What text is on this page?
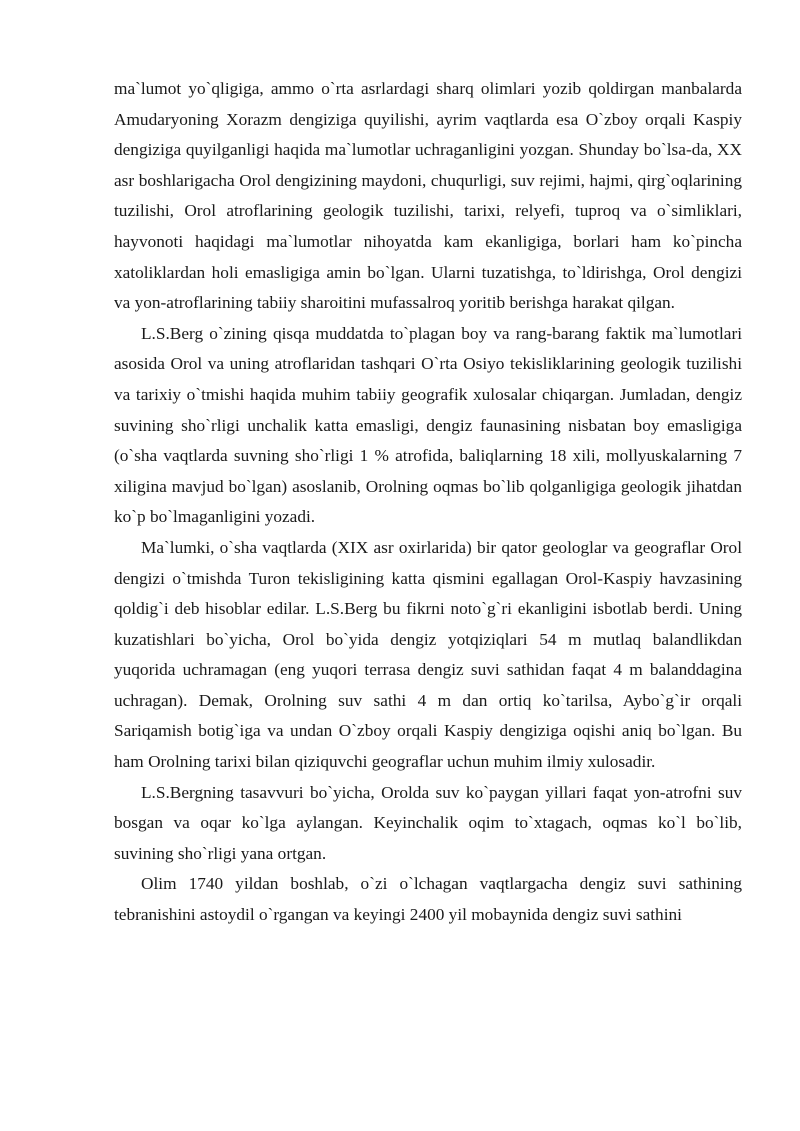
ma`lumot yo`qligiga, ammo o`rta asrlardagi sharq olimlari yozib qoldirgan manbalarda Amudaryoning Xorazm dengiziga quyilishi, ayrim vaqtlarda esa O`zboy orqali Kaspiy dengiziga quyilganligi haqida ma`lumotlar uchraganligini yozgan. Shunday bo`lsa-da, XX asr boshlarigacha Orol dengizining maydoni, chuqurligi, suv rejimi, hajmi, qirg`oqlarining tuzilishi, Orol atroflarining geologik tuzilishi, tarixi, relyefi, tuproq va o`simliklari, hayvonoti haqidagi ma`lumotlar nihoyatda kam ekanligiga, borlari ham ko`pincha xatoliklardan holi emasligiga amin bo`lgan. Ularni tuzatishga, to`ldirishga, Orol dengizi va yon-atroflarining tabiiy sharoitini mufassalroq yoritib berishga harakat qilgan.

L.S.Berg o`zining qisqa muddatda to`plagan boy va rang-barang faktik ma`lumotlari asosida Orol va uning atroflaridan tashqari O`rta Osiyo tekisliklarining geologik tuzilishi va tarixiy o`tmishi haqida muhim tabiiy geografik xulosalar chiqargan. Jumladan, dengiz suvining sho`rligi unchalik katta emasligi, dengiz faunasining nisbatan boy emasligiga (o`sha vaqtlarda suvning sho`rligi 1 % atrofida, baliqlarning 18 xili, mollyuskalarning 7 xiligina mavjud bo`lgan) asoslanib, Orolning oqmas bo`lib qolganligiga geologik jihatdan ko`p bo`lmaganligini yozadi.

Ma`lumki, o`sha vaqtlarda (XIX asr oxirlarida) bir qator geologlar va geograflar Orol dengizi o`tmishda Turon tekisligining katta qismini egallagan Orol-Kaspiy havzasining qoldig`i deb hisoblar edilar. L.S.Berg bu fikrni noto`g`ri ekanligini isbotlab berdi. Uning kuzatishlari bo`yicha, Orol bo`yida dengiz yotqiziqlari 54 m mutlaq balandlikdan yuqorida uchramagan (eng yuqori terrasa dengiz suvi sathidan faqat 4 m balanddagina uchragan). Demak, Orolning suv sathi 4 m dan ortiq ko`tarilsa, Aybo`g`ir orqali Sariqamish botig`iga va undan O`zboy orqali Kaspiy dengiziga oqishi aniq bo`lgan. Bu ham Orolning tarixi bilan qiziquvchi geograflar uchun muhim ilmiy xulosadir.

L.S.Bergning tasavvuri bo`yicha, Orolda suv ko`paygan yillari faqat yon-atrofni suv bosgan va oqar ko`lga aylangan. Keyinchalik oqim to`xtagach, oqmas ko`l bo`lib, suvining sho`rligi yana ortgan.

Olim 1740 yildan boshlab, o`zi o`lchagan vaqtlargacha dengiz suvi sathining tebranishini astoydil o`rgangan va keyingi 2400 yil mobaynida dengiz suvi sathini
